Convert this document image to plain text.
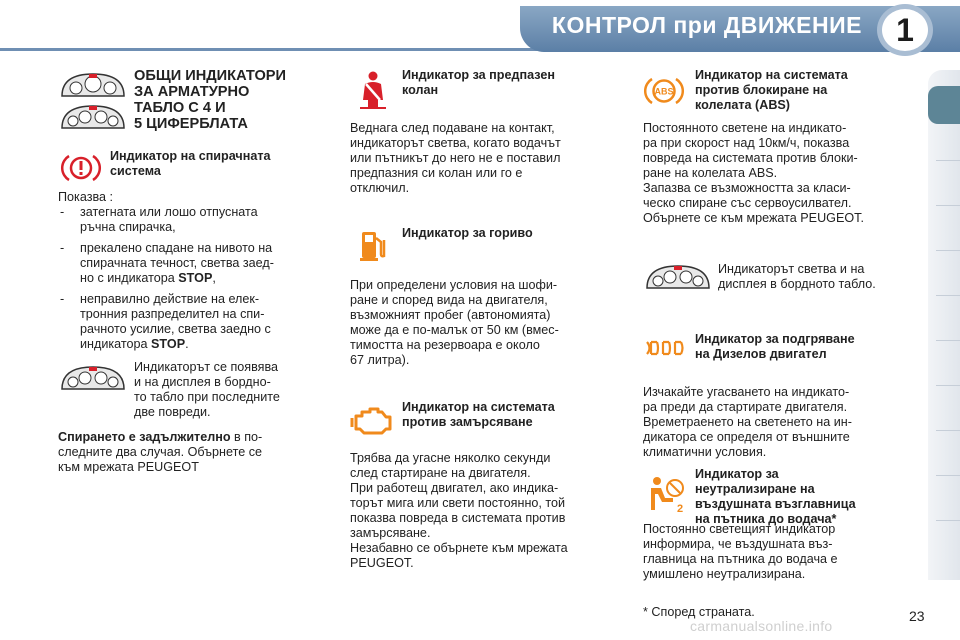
КОНТРОЛ при ДВИЖЕНИЕ 1
ОБЩИ ИНДИКАТОРИ
ЗА АРМАТУРНО
ТАБЛО С 4 И
5 ЦИФЕРБЛАТА
Индикатор на спирачната
система
Показва :
- затегната или лошо отпусната
ръчна спирачка,
- прекалено спадане на нивото на
спирачната течност, светва заед-
но с индикатора STOP,
- неправилно действие на елек-
тронния разпределител на спи-
рачното усилие, светва заедно с
индикатора STOP.
Индикаторът се появява
и на дисплея в бордно-
то табло при последните
две повреди.
Спирането е задължително в по-
следните два случая. Обърнете се
към мрежата PEUGEOT
Индикатор за предпазен
колан
Веднага след подаване на контакт,
индикаторът светва, когато водачът
или пътникът до него не е поставил
предпазния си колан или го е
отключил.
Индикатор за гориво
При определени условия на шофи-
ране и според вида на двигателя,
възможният пробег (автономията)
може да е по-малък от 50 км (вмес-
тимостта на резервоара е около
67 литра).
Индикатор на системата
против замърсяване
Трябва да угасне няколко секунди
след стартиране на двигателя.
При работещ двигател, ако индика-
торът мига или свети постоянно, той
показва повреда в системата против
замърсяване.
Незабавно се обърнете към мрежата
PEUGEOT.
ABS
Индикатор на системата
против блокиране на
колелата (ABS)
Постоянното светене на индикато-
ра при скорост над 10км/ч, показва
повреда на системата против блоки-
ране на колелата ABS.
Запазва се възможността за класи-
ческо спиране със сервоусилвател.
Обърнете се към мрежата PEUGEOT.
Индикаторът светва и на
дисплея в бордното табло.
Индикатор за подгряване
на Дизелов двигател
Изчакайте угасването на индикато-
ра преди да стартирате двигателя.
Времетраенето на светенето на ин-
дикатора се определя от външните
климатични условия.
2
Индикатор за
неутрализиране на
въздушната възглавница
на пътника до водача*
Постоянно светещият индикатор
информира, че въздушната въз-
главница на пътника до водача е
умишлено неутрализирана.
* Според страната.
carmanualsonline.info
23
